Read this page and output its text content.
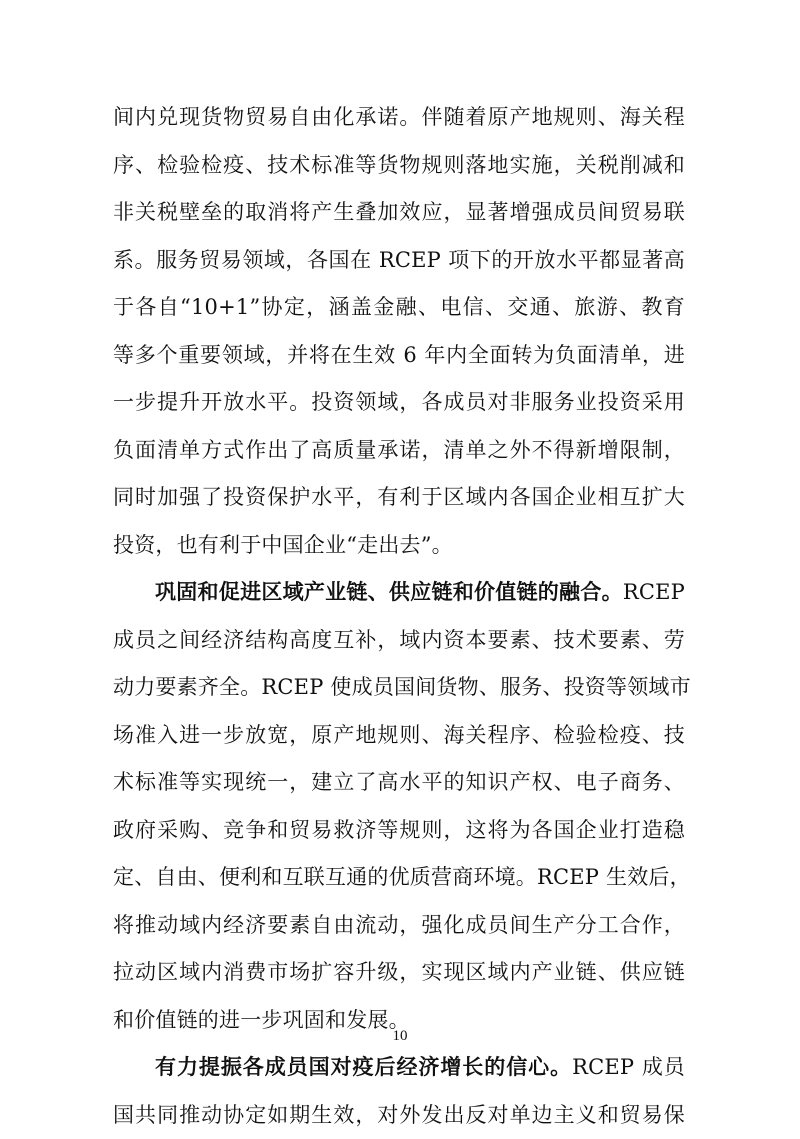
间内兑现货物贸易自由化承诺。伴随着原产地规则、海关程
序、检验检疫、技术标准等货物规则落地实施，关税削减和
非关税壁垒的取消将产生叠加效应，显著增强成员间贸易联
系。服务贸易领域，各国在 RCEP 项下的开放水平都显著高
于各自“10+1”协定，涵盖金融、电信、交通、旅游、教育
等多个重要领域，并将在生效 6 年内全面转为负面清单，进
一步提升开放水平。投资领域，各成员对非服务业投资采用
负面清单方式作出了高质量承诺，清单之外不得新增限制，
同时加强了投资保护水平，有利于区域内各国企业相互扩大
投资，也有利于中国企业“走出去”。
巩固和促进区域产业链、供应链和价值链的融合。RCEP
成员之间经济结构高度互补，域内资本要素、技术要素、劳
动力要素齐全。RCEP 使成员国间货物、服务、投资等领域市
场准入进一步放宽，原产地规则、海关程序、检验检疫、技
术标准等实现统一，建立了高水平的知识产权、电子商务、
政府采购、竞争和贸易救济等规则，这将为各国企业打造稳
定、自由、便利和互联互通的优质营商环境。RCEP 生效后，
将推动域内经济要素自由流动，强化成员间生产分工合作，
拉动区域内消费市场扩容升级，实现区域内产业链、供应链
和价值链的进一步巩固和发展。
有力提振各成员国对疫后经济增长的信心。RCEP 成员
国共同推动协定如期生效，对外发出反对单边主义和贸易保
10
